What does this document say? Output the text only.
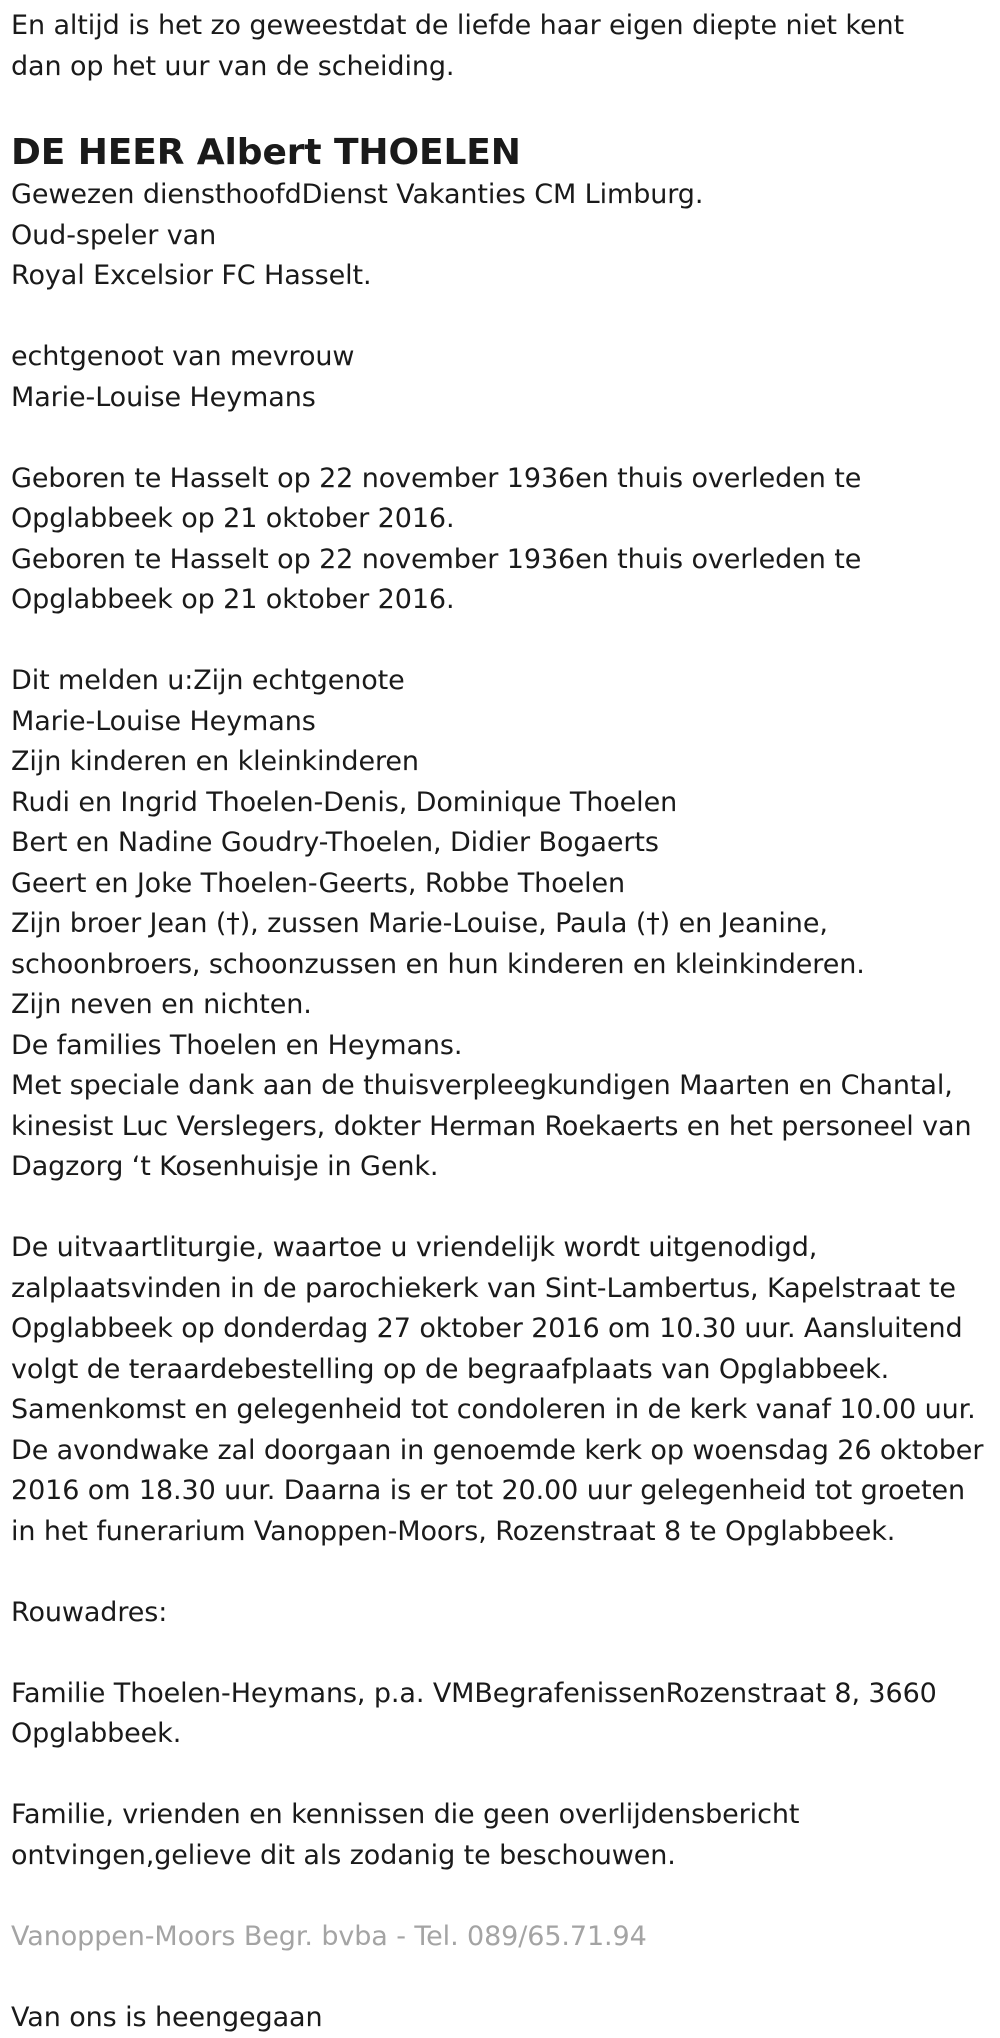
En altijd is het zo geweestdat de liefde haar eigen diepte niet kent
dan op het uur van de scheiding.
DE HEER Albert THOELEN
Gewezen diensthoofdDienst Vakanties CM Limburg.
Oud-speler van
Royal Excelsior FC Hasselt.
echtgenoot van mevrouw
Marie-Louise Heymans
Geboren te Hasselt op 22 november 1936en thuis overleden te
Opglabbeek op 21 oktober 2016.
Geboren te Hasselt op 22 november 1936en thuis overleden te
Opglabbeek op 21 oktober 2016.
Dit melden u:Zijn echtgenote
Marie-Louise Heymans
Zijn kinderen en kleinkinderen
Rudi en Ingrid Thoelen-Denis, Dominique Thoelen
Bert en Nadine Goudry-Thoelen, Didier Bogaerts
Geert en Joke Thoelen-Geerts, Robbe Thoelen
Zijn broer Jean (†), zussen Marie-Louise, Paula (†) en Jeanine,
schoonbroers, schoonzussen en hun kinderen en kleinkinderen.
Zijn neven en nichten.
De families Thoelen en Heymans.
Met speciale dank aan de thuisverpleegkundigen Maarten en Chantal,
kinesist Luc Verslegers, dokter Herman Roekaerts en het personeel van
Dagzorg ‘t Kosenhuisje in Genk.
De uitvaartliturgie, waartoe u vriendelijk wordt uitgenodigd,
zalplaatsvinden in de parochiekerk van Sint-Lambertus, Kapelstraat te
Opglabbeek op donderdag 27 oktober 2016 om 10.30 uur. Aansluitend
volgt de teraardebestelling op de begraafplaats van Opglabbeek.
Samenkomst en gelegenheid tot condoleren in de kerk vanaf 10.00 uur.
De avondwake zal doorgaan in genoemde kerk op woensdag 26 oktober
2016 om 18.30 uur. Daarna is er tot 20.00 uur gelegenheid tot groeten
in het funerarium Vanoppen-Moors, Rozenstraat 8 te Opglabbeek.
Rouwadres:
Familie Thoelen-Heymans, p.a. VMBegrafenissenRozenstraat 8, 3660
Opglabbeek.
Familie, vrienden en kennissen die geen overlijdensbericht
ontvingen,gelieve dit als zodanig te beschouwen.
Vanoppen-Moors Begr. bvba - Tel. 089/65.71.94
Van ons is heengegaan
